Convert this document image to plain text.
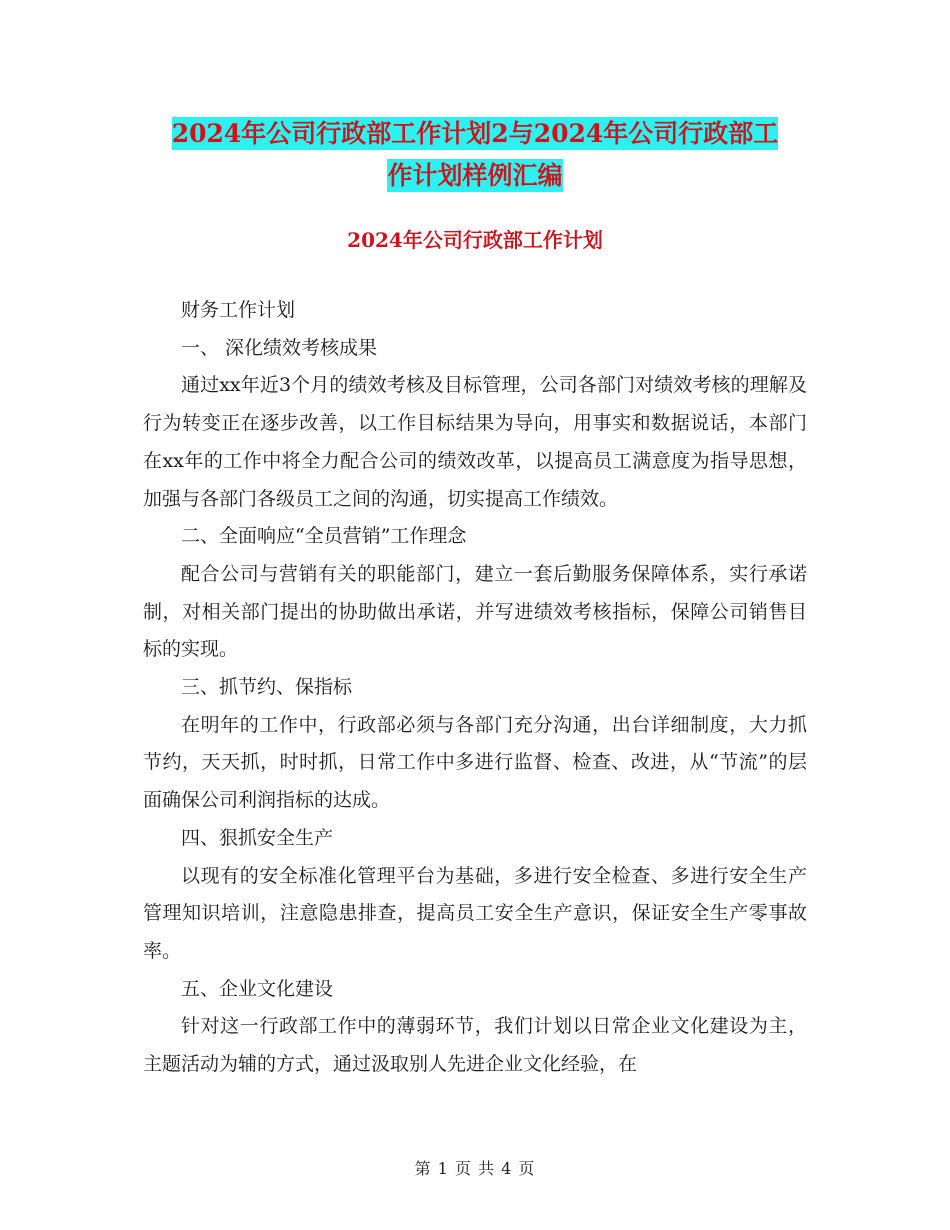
2024年公司行政部工作计划2与2024年公司行政部工
作计划样例汇编
2024年公司行政部工作计划

财务工作计划

一、 深化绩效考核成果

通过xx年近3个月的绩效考核及目标管理，公司各部门对绩效考核的理解及行为转变正在逐步改善，以工作目标结果为导向，用事实和数据说话，本部门在xx年的工作中将全力配合公司的绩效改革，以提高员工满意度为指导思想，加强与各部门各级员工之间的沟通，切实提高工作绩效。

二、全面响应“全员营销”工作理念

配合公司与营销有关的职能部门，建立一套后勤服务保障体系，实行承诺制，对相关部门提出的协助做出承诺，并写进绩效考核指标，保障公司销售目标的实现。

三、抓节约、保指标

在明年的工作中，行政部必须与各部门充分沟通，出台详细制度，大力抓节约，天天抓，时时抓，日常工作中多进行监督、检查、改进，从“节流”的层面确保公司利润指标的达成。

四、狠抓安全生产

以现有的安全标准化管理平台为基础，多进行安全检查、多进行安全生产管理知识培训，注意隐患排查，提高员工安全生产意识，保证安全生产零事故率。

五、企业文化建设

针对这一行政部工作中的薄弱环节，我们计划以日常企业文化建设为主，主题活动为辅的方式，通过汲取别人先进企业文化经验，在

第 1 页 共 4 页
